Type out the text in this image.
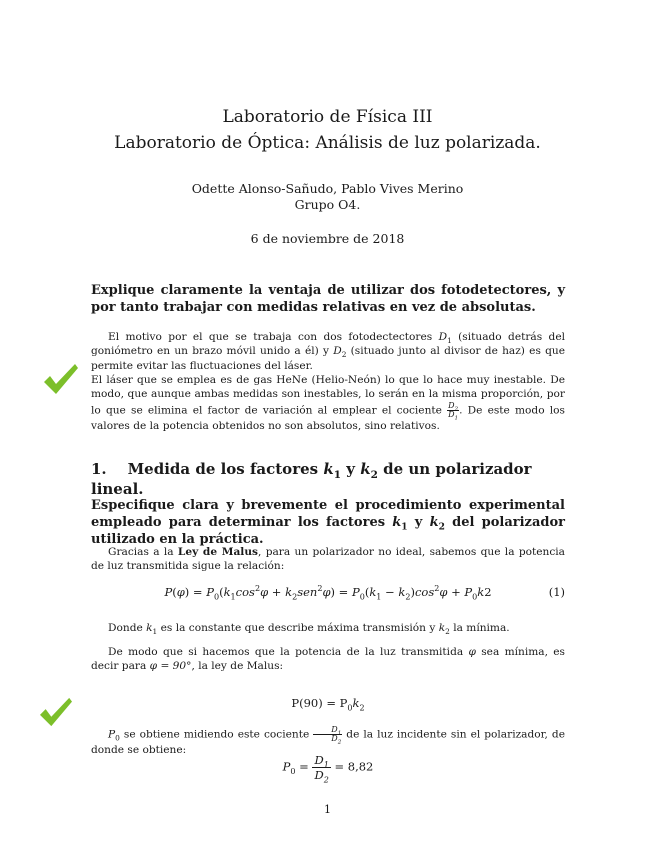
Laboratorio de Física III
Laboratorio de Óptica: Análisis de luz polarizada.
Odette Alonso-Sañudo, Pablo Vives Merino
Grupo O4.
6 de noviembre de 2018
Explique claramente la ventaja de utilizar dos fotodetectores, y por tanto trabajar con medidas relativas en vez de absolutas.
El motivo por el que se trabaja con dos fotodectectores $D_1$ (situado detrás del goniómetro en un brazo móvil unido a él) y $D_2$ (situado junto al divisor de haz) es que permite evitar las fluctuaciones del láser.
El láser que se emplea es de gas HeNe (Helio-Neón) lo que lo hace muy inestable. De modo, que aunque ambas medidas son inestables, lo serán en la misma proporción, por lo que se elimina el factor de variación al emplear el cociente $\frac{D_2}{D_1}$ . De este modo los valores de la potencia obtenidos no son absolutos, sino relativos.
1. Medida de los factores $k_1$ y $k_2$ de un polarizador lineal.
Especifique clara y brevemente el procedimiento experimental empleado para determinar los factores $k_1$ y $k_2$ del polarizador utilizado en la práctica.
Gracias a la Ley de Malus, para un polarizador no ideal, sabemos que la potencia de luz transmitida sigue la relación:
$P(\varphi) = P_0(k_1\cos^2\varphi + k_2sen^2\varphi) = P_0(k_1 - k_2)\cos^2\varphi + P_0k2$	(1)
Donde $k_1$ es la constante que describe máxima transmisión y $k_2$ la mínima.
De modo que si hacemos que la potencia de la luz transmitida φ sea mínima, es decir para φ = 90°, la ley de Malus:
$P(90) = P_0k_2$
$P_0$ se obtiene midiendo este cociente $\frac{D_1}{D_2}$ de la luz incidente sin el polarizador, de donde se obtiene:
$P_0 = \frac{D_1}{D_2} = 8,82$
1
